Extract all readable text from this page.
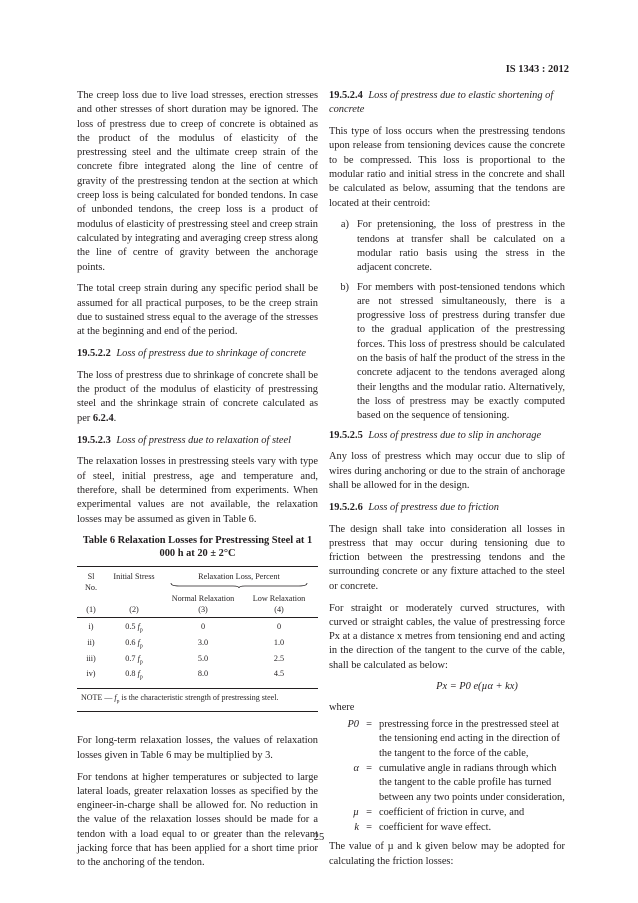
IS 1343 : 2012

The creep loss due to live load stresses, erection stresses and other stresses of short duration may be ignored. The loss of prestress due to creep of concrete is obtained as the product of the modulus of elasticity of the prestressing steel and the ultimate creep strain of the concrete fibre integrated along the line of centre of gravity of the prestressing tendon at the section at which creep loss is being calculated for bonded tendons. In case of unbonded tendons, the creep loss is a product of modulus of elasticity of prestressing steel and creep strain calculated by integrating and averaging creep stress along the line of centre of gravity between the anchorage points.

The total creep strain during any specific period shall be assumed for all practical purposes, to be the creep strain due to sustained stress equal to the average of the stresses at the beginning and end of the period.

19.5.2.2 Loss of prestress due to shrinkage of concrete

The loss of prestress due to shrinkage of concrete shall be the product of the modulus of elasticity of prestressing steel and the shrinkage strain of concrete calculated as per 6.2.4.

19.5.2.3 Loss of prestress due to relaxation of steel

The relaxation losses in prestressing steels vary with type of steel, initial prestress, age and temperature and, therefore, shall be determined from experiments. When experimental values are not available, the relaxation losses may be assumed as given in Table 6.

Table 6 Relaxation Losses for Prestressing Steel at 1 000 h at 20 ± 2°C
Sl
No.
Initial Stress	Relaxation Loss, Percent
Normal Relaxation	Low Relaxation
(1)	(2)	(3)	(4)
i)	0.5 $f_p$	0	0
ii)	0.6 $f_p$	3.0	1.0
iii)	0.7 $f_p$	5.0	2.5
iv)	0.8 $f_p$	8.0	4.5
NOTE — $f_p$ is the characteristic strength of prestressing steel.

For long-term relaxation losses, the values of relaxation losses given in Table 6 may be multiplied by 3.

For tendons at higher temperatures or subjected to large lateral loads, greater relaxation losses as specified by the engineer-in-charge shall be allowed for. No reduction in the value of the relaxation losses should be made for a tendon with a load equal to or greater than the relevant jacking force that has been applied for a short time prior to the anchoring of the tendon.

19.5.2.4 Loss of prestress due to elastic shortening of concrete

This type of loss occurs when the prestressing tendons upon release from tensioning devices cause the concrete to be compressed. This loss is proportional to the modular ratio and initial stress in the concrete and shall be calculated as below, assuming that the tendons are located at their centroid:

a) For pretensioning, the loss of prestress in the tendons at transfer shall be calculated on a modular ratio basis using the stress in the adjacent concrete.
b) For members with post-tensioned tendons which are not stressed simultaneously, there is a progressive loss of prestress during transfer due to the gradual application of the prestressing forces. This loss of prestress should be calculated on the basis of half the product of the stress in the concrete adjacent to the tendons averaged along their lengths and the modular ratio. Alternatively, the loss of prestress may be exactly computed based on the sequence of tensioning.
19.5.2.5 Loss of prestress due to slip in anchorage

Any loss of prestress which may occur due to slip of wires during anchoring or due to the strain of anchorage shall be allowed for in the design.

19.5.2.6 Loss of prestress due to friction

The design shall take into consideration all losses in prestress that may occur during tensioning due to friction between the prestressing tendons and the surrounding concrete or any fixture attached to the steel or concrete.

For straight or moderately curved structures, with curved or straight cables, the value of prestressing force Px at a distance x metres from tensioning end and acting in the direction of the tangent to the curve of the cable, shall be calculated as below:

Px = P0 e(µα + kx)
where
P0 = prestressing force in the prestressed steel at the tensioning end acting in the direction of the tangent to the force of the cable,
α = cumulative angle in radians through which the tangent to the cable profile has turned between any two points under consideration,
µ = coefficient of friction in curve, and
k = coefficient for wave effect.

The value of µ and k given below may be adopted for calculating the friction losses:

25
